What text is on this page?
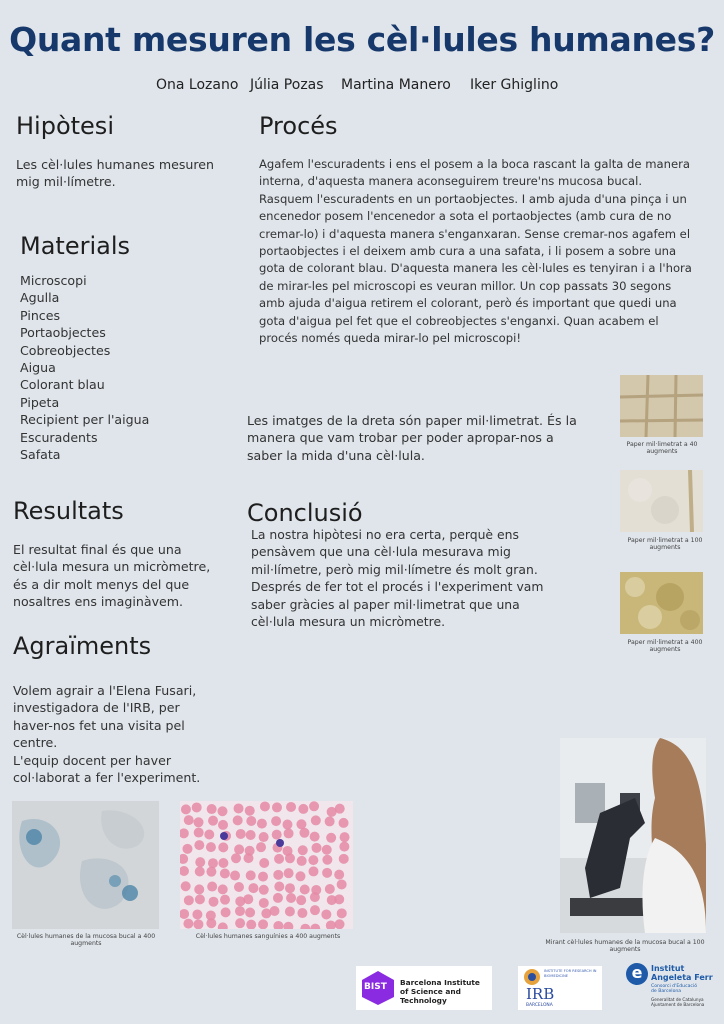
Quant mesuren les cèl·lules humanes?
Ona Lozano Júlia Pozas Martina Manero Iker Ghiglino
Hipòtesi
Les cèl·lules humanes mesuren mig mil·límetre.
Procés
Agafem l'escuradents i ens el posem a la boca rascant la galta de manera interna, d'aquesta manera aconseguirem treure'ns mucosa bucal. Rasquem l'escuradents en un portaobjectes. I amb ajuda d'una pinça i un encenedor posem l'encenedor a sota el portaobjectes (amb cura de no cremar-lo) i d'aquesta manera s'enganxaran. Sense cremar-nos agafem el portaobjectes i el deixem amb cura a una safata, i li posem a sobre una gota de colorant blau. D'aquesta manera les cèl·lules es tenyiran i a l'hora de mirar-les pel microscopi es veuran millor. Un cop passats 30 segons amb ajuda d'aigua retirem el colorant, però és important que quedi una gota d'aigua pel fet que el cobreobjectes s'enganxi. Quan acabem el procés només queda mirar-lo pel microscopi!
Materials
Microscopi
Agulla
Pinces
Portaobjectes
Cobreobjectes
Aigua
Colorant blau
Pipeta
Recipient per l'aigua
Escuradents
Safata
Les imatges de la dreta són paper mil·limetrat. És la manera que vam trobar per poder apropar-nos a saber la mida d'una cèl·lula.
Paper mil·limetrat a 40 augments
Paper mil·limetrat a 100 augments
Paper mil·limetrat a 400 augments
Resultats
El resultat final és que una cèl·lula mesura un micròmetre, és a dir molt menys del que nosaltres ens imaginàvem.
Conclusió
La nostra hipòtesi no era certa, perquè ens pensàvem que una cèl·lula mesurava mig mil·límetre, però mig mil·límetre és molt gran. Després de fer tot el procés i l'experiment vam saber gràcies al paper mil·limetrat que una cèl·lula mesura un micròmetre.
Agraïments
Volem agrair a l'Elena Fusari, investigadora de l'IRB, per haver-nos fet una visita pel centre.
L'equip docent per haver col·laborat a fer l'experiment.
Cèl·lules humanes de la mucosa bucal a 400 augments
Cèl·lules humanes sanguínies a 400 augments
Mirant cèl·lules humanes de la mucosa bucal a 100 augments
BIST Barcelona Institute of Science and Technology
INSTITUTE FOR RESEARCH IN BIOMEDICINE
IRB
BARCELONA
e	Institut
Angeleta Ferr
Consorci d'Educació
de Barcelona
Generalitat de Catalunya
Ajuntament de Barcelona
